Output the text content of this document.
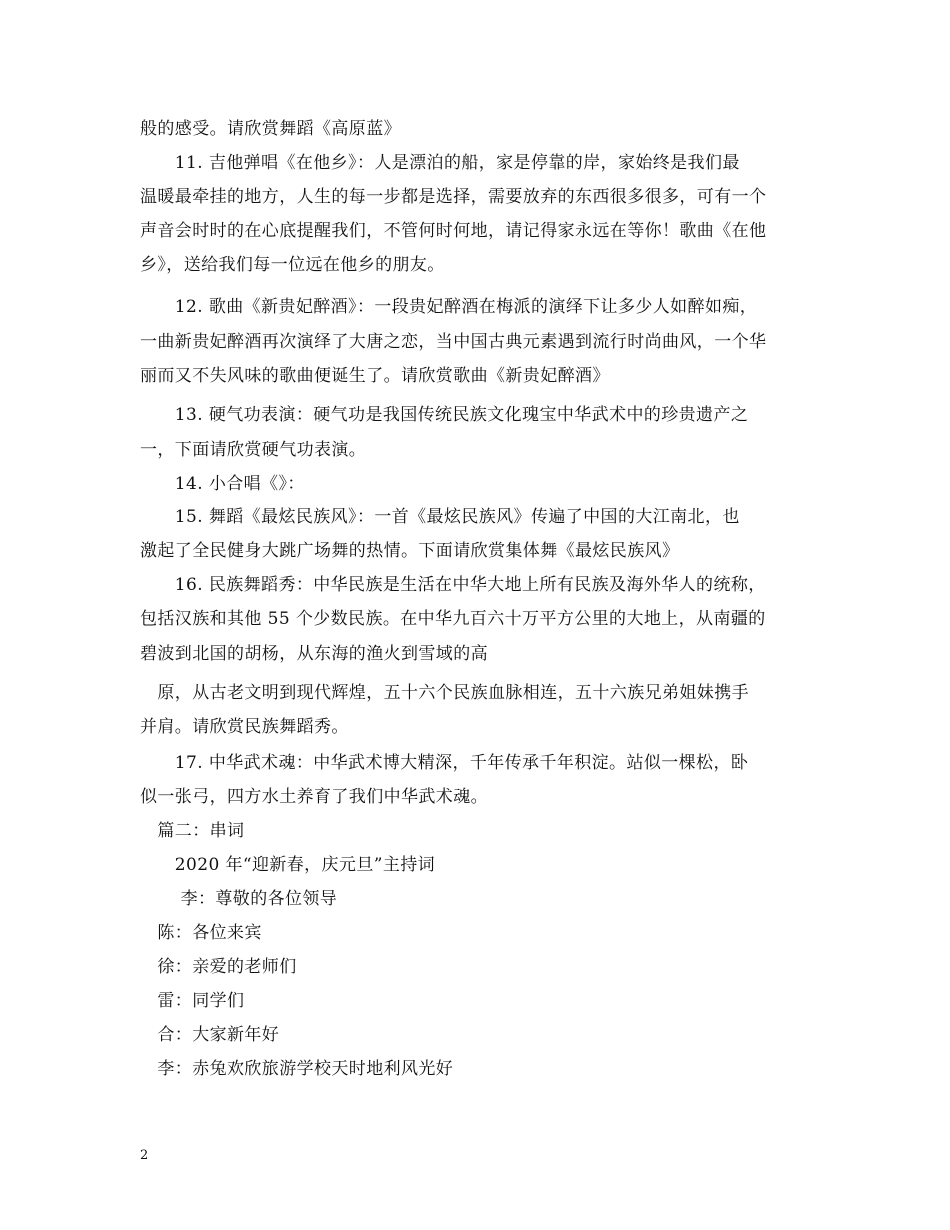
般的感受。请欣赏舞蹈《高原蓝》
　　11. 吉他弹唱《在他乡》：人是漂泊的船，家是停靠的岸，家始终是我们最
温暖最牵挂的地方，人生的每一步都是选择，需要放弃的东西很多很多，可有一个
声音会时时的在心底提醒我们，不管何时何地，请记得家永远在等你！歌曲《在他
乡》，送给我们每一位远在他乡的朋友。
　　12. 歌曲《新贵妃醉酒》：一段贵妃醉酒在梅派的演绎下让多少人如醉如痴，
一曲新贵妃醉酒再次演绎了大唐之恋，当中国古典元素遇到流行时尚曲风，一个华
丽而又不失风味的歌曲便诞生了。请欣赏歌曲《新贵妃醉酒》
　　13. 硬气功表演：硬气功是我国传统民族文化瑰宝中华武术中的珍贵遗产之
一，下面请欣赏硬气功表演。
　　14. 小合唱《》：
　　15. 舞蹈《最炫民族风》：一首《最炫民族风》传遍了中国的大江南北，也
激起了全民健身大跳广场舞的热情。下面请欣赏集体舞《最炫民族风》
　　16. 民族舞蹈秀：中华民族是生活在中华大地上所有民族及海外华人的统称，
包括汉族和其他 55 个少数民族。在中华九百六十万平方公里的大地上，从南疆的
碧波到北国的胡杨，从东海的渔火到雪域的高
　原，从古老文明到现代辉煌，五十六个民族血脉相连，五十六族兄弟姐妹携手
并肩。请欣赏民族舞蹈秀。
　　17. 中华武术魂：中华武术博大精深，千年传承千年积淀。站似一棵松，卧
似一张弓，四方水土养育了我们中华武术魂。
　篇二：串词
　　2020 年“迎新春，庆元旦”主持词
　　 李：尊敬的各位领导
　陈：各位来宾
　徐：亲爱的老师们
　雷：同学们
　合：大家新年好
　李：赤兔欢欣旅游学校天时地利风光好
2
